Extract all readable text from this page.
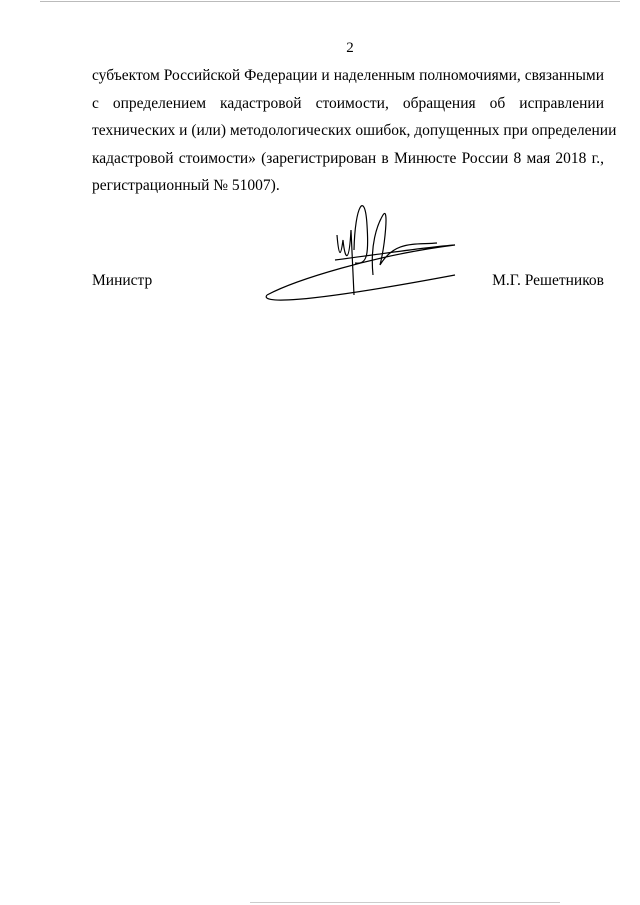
2
субъектом Российской Федерации и наделенным полномочиями, связанными
с определением кадастровой стоимости, обращения об исправлении
технических и (или) методологических ошибок, допущенных при определении
кадастровой стоимости» (зарегистрирован в Минюсте России 8 мая 2018 г.,
регистрационный № 51007).
Министр	М.Г. Решетников
